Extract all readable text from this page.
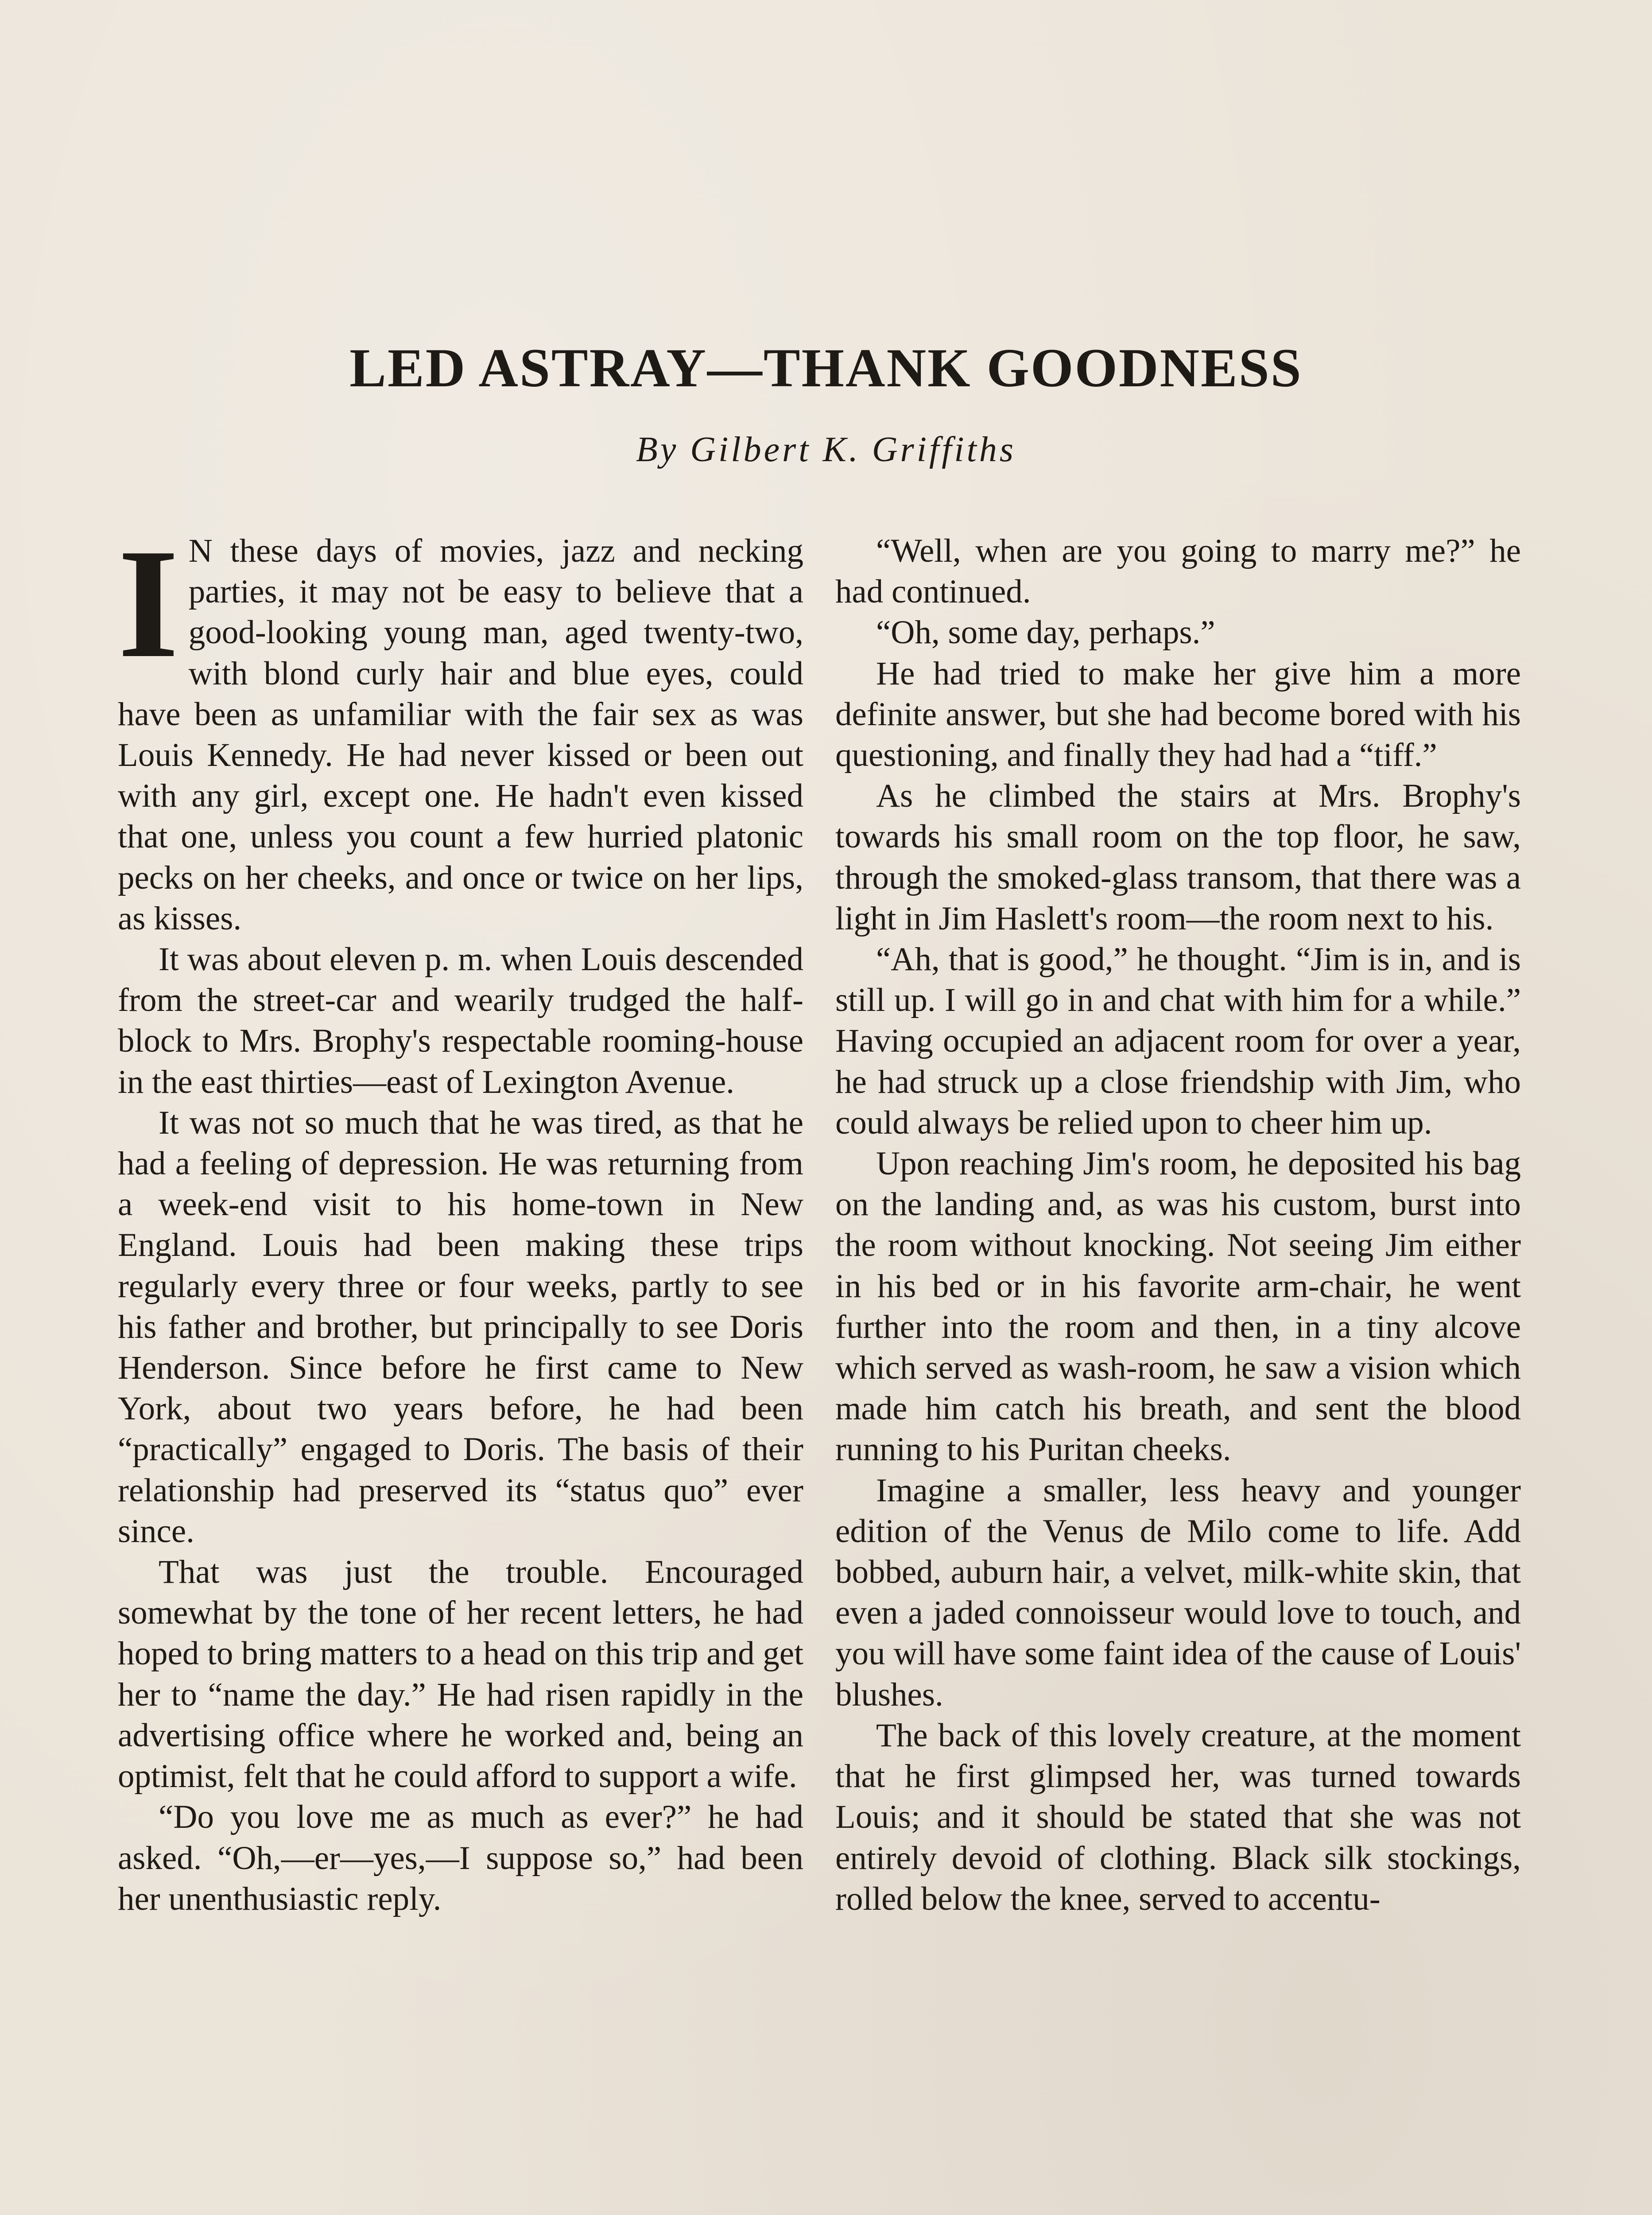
LED ASTRAY—THANK GOODNESS
By Gilbert K. Griffiths

I N these days of movies, jazz and necking parties, it may not be easy to believe that a good-looking young man, aged twenty-two, with blond curly hair and blue eyes, could have been as unfamiliar with the fair sex as was Louis Kennedy. He had never kissed or been out with any girl, except one. He hadn't even kissed that one, unless you count a few hurried platonic pecks on her cheeks, and once or twice on her lips, as kisses.

It was about eleven p. m. when Louis descended from the street-car and wearily trudged the half-block to Mrs. Brophy's respectable rooming-house in the east thirties—east of Lexington Avenue.

It was not so much that he was tired, as that he had a feeling of depression. He was returning from a week-end visit to his home-town in New England. Louis had been making these trips regularly every three or four weeks, partly to see his father and brother, but principally to see Doris Henderson. Since before he first came to New York, about two years before, he had been “practically” engaged to Doris. The basis of their relationship had preserved its “status quo” ever since.

That was just the trouble. Encouraged somewhat by the tone of her recent letters, he had hoped to bring matters to a head on this trip and get her to “name the day.” He had risen rapidly in the advertising office where he worked and, being an optimist, felt that he could afford to support a wife.

“Do you love me as much as ever?” he had asked. “Oh,—er—yes,—I suppose so,” had been her unenthusiastic reply.

“Well, when are you going to marry me?” he had continued.

“Oh, some day, perhaps.”

He had tried to make her give him a more definite answer, but she had become bored with his questioning, and finally they had had a “tiff.”

As he climbed the stairs at Mrs. Brophy's towards his small room on the top floor, he saw, through the smoked-glass transom, that there was a light in Jim Haslett's room—the room next to his.

“Ah, that is good,” he thought. “Jim is in, and is still up. I will go in and chat with him for a while.” Having occupied an adjacent room for over a year, he had struck up a close friendship with Jim, who could always be relied upon to cheer him up.

Upon reaching Jim's room, he deposited his bag on the landing and, as was his custom, burst into the room without knocking. Not seeing Jim either in his bed or in his favorite arm-chair, he went further into the room and then, in a tiny alcove which served as wash-room, he saw a vision which made him catch his breath, and sent the blood running to his Puritan cheeks.

Imagine a smaller, less heavy and younger edition of the Venus de Milo come to life. Add bobbed, auburn hair, a velvet, milk-white skin, that even a jaded connoisseur would love to touch, and you will have some faint idea of the cause of Louis' blushes.

The back of this lovely creature, at the moment that he first glimpsed her, was turned towards Louis; and it should be stated that she was not entirely devoid of clothing. Black silk stockings, rolled below the knee, served to accentu-
